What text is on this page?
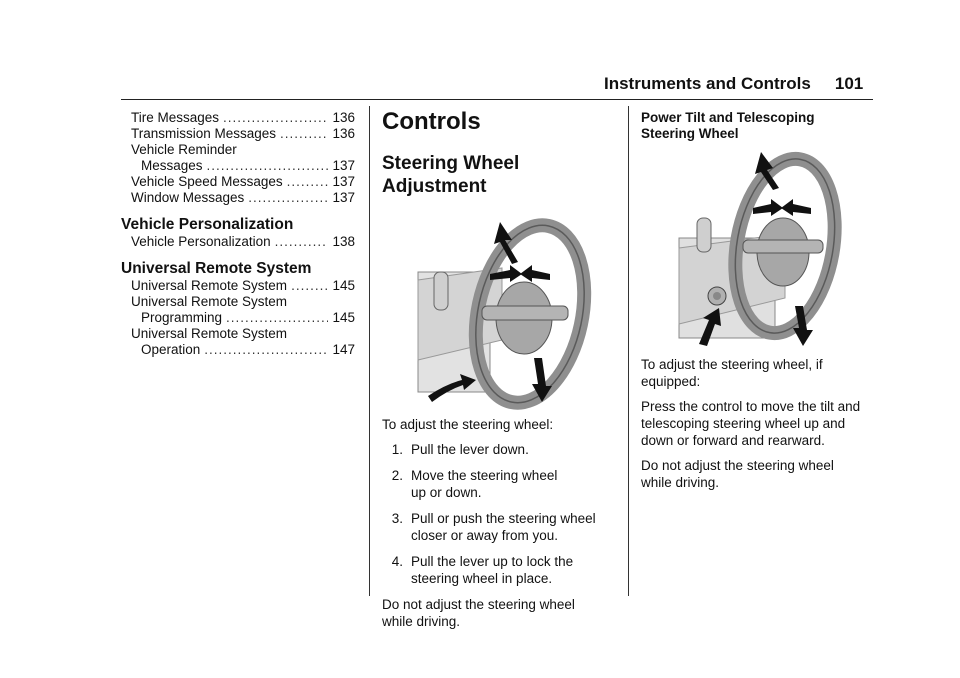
Instruments and Controls 101
Tire Messages .....	136
Transmission Messages .....	136
Vehicle Reminder
Messages .....	137
Vehicle Speed Messages .....	137
Window Messages .....	137
Vehicle Personalization
Vehicle Personalization .....	138
Universal Remote System
Universal Remote System .....	145
Universal Remote System
Programming .....	145
Universal Remote System
Operation .....	147
Controls
Steering Wheel Adjustment

To adjust the steering wheel:

1. Pull the lever down.
2. Move the steering wheel up or down.
3. Pull or push the steering wheel closer or away from you.
4. Pull the lever up to lock the steering wheel in place.

Do not adjust the steering wheel while driving.

Power Tilt and Telescoping Steering Wheel

To adjust the steering wheel, if equipped:

Press the control to move the tilt and telescoping steering wheel up and down or forward and rearward.

Do not adjust the steering wheel while driving.
